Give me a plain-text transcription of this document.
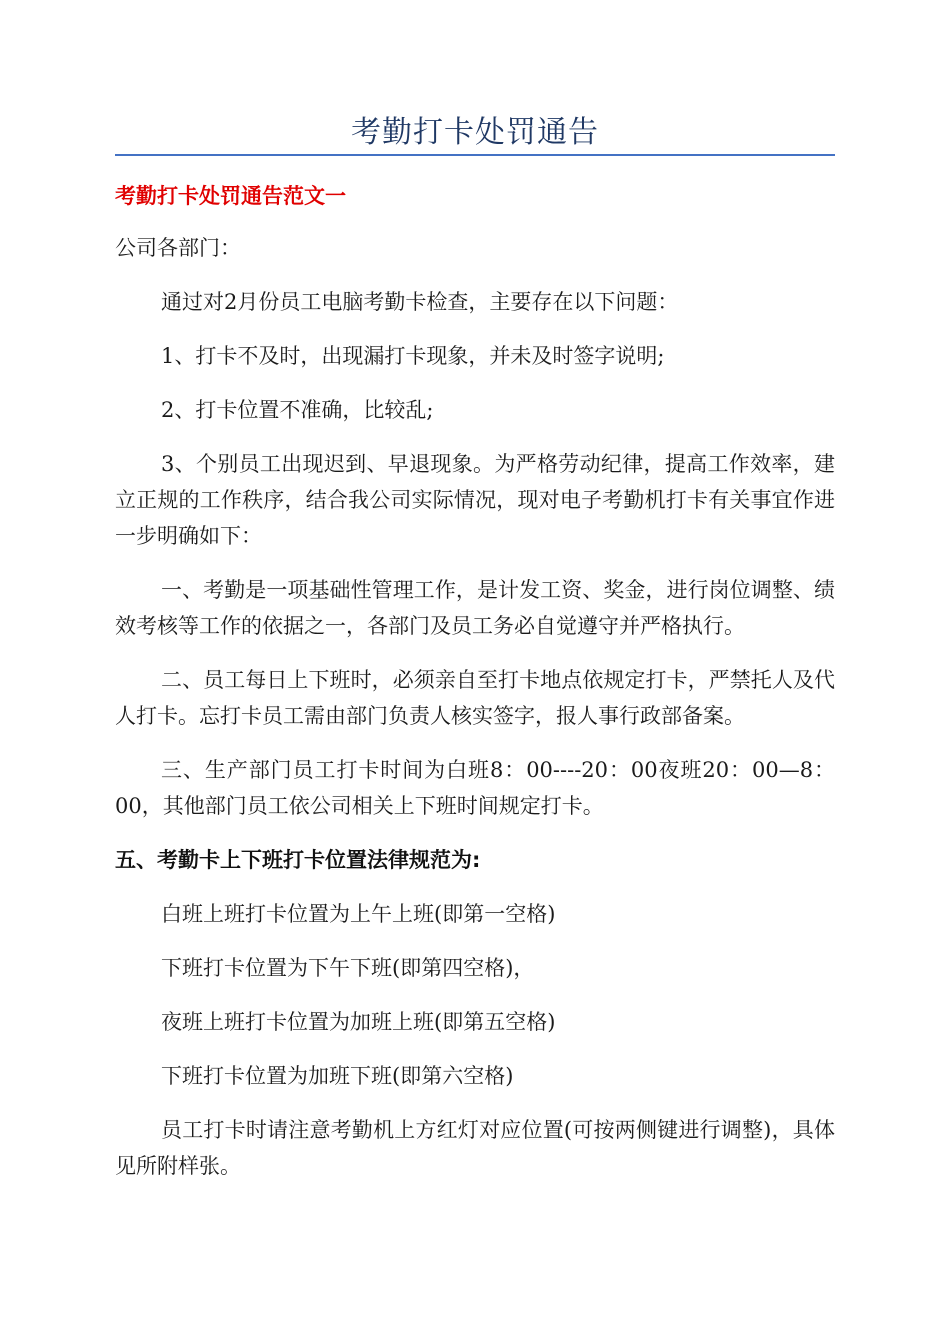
考勤打卡处罚通告

考勤打卡处罚通告范文一

公司各部门：

通过对2月份员工电脑考勤卡检查，主要存在以下问题：

1、打卡不及时，出现漏打卡现象，并未及时签字说明;

2、打卡位置不准确，比较乱;

3、个别员工出现迟到、早退现象。为严格劳动纪律，提高工作效率，建立正规的工作秩序，结合我公司实际情况，现对电子考勤机打卡有关事宜作进一步明确如下：

一、考勤是一项基础性管理工作，是计发工资、奖金，进行岗位调整、绩效考核等工作的依据之一，各部门及员工务必自觉遵守并严格执行。

二、员工每日上下班时，必须亲自至打卡地点依规定打卡，严禁托人及代人打卡。忘打卡员工需由部门负责人核实签字，报人事行政部备案。

三、生产部门员工打卡时间为白班8：00----20：00夜班20：00—8：00，其他部门员工依公司相关上下班时间规定打卡。

五、考勤卡上下班打卡位置法律规范为:

白班上班打卡位置为上午上班(即第一空格)

下班打卡位置为下午下班(即第四空格)，

夜班上班打卡位置为加班上班(即第五空格)

下班打卡位置为加班下班(即第六空格)

员工打卡时请注意考勤机上方红灯对应位置(可按两侧键进行调整)，具体见所附样张。
